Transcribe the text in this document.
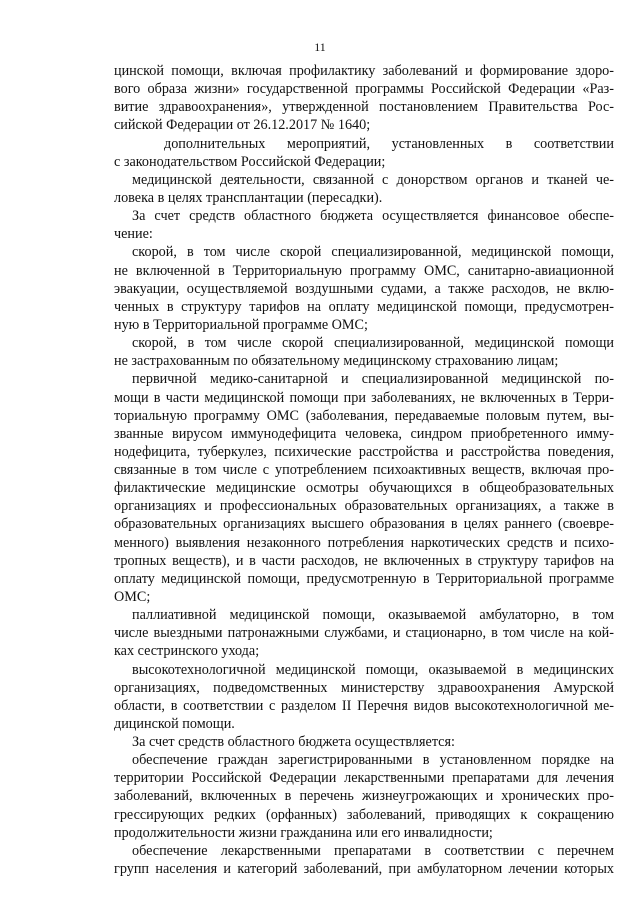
11
цинской помощи, включая профилактику заболеваний и формирование здоро-
вого образа жизни» государственной программы Российской Федерации «Раз-
витие здравоохранения», утвержденной постановлением Правительства Рос-
сийской Федерации от 26.12.2017 № 1640;
дополнительных мероприятий, установленных в соответствии
с законодательством Российской Федерации;
медицинской деятельности, связанной с донорством органов и тканей че-
ловека в целях трансплантации (пересадки).
За счет средств областного бюджета осуществляется финансовое обеспе-
чение:
скорой, в том числе скорой специализированной, медицинской помощи,
не включенной в Территориальную программу ОМС, санитарно-авиационной
эвакуации, осуществляемой воздушными судами, а также расходов, не вклю-
ченных в структуру тарифов на оплату медицинской помощи, предусмотрен-
ную в Территориальной программе ОМС;
скорой, в том числе скорой специализированной, медицинской помощи
не застрахованным по обязательному медицинскому страхованию лицам;
первичной медико-санитарной и специализированной медицинской по-
мощи в части медицинской помощи при заболеваниях, не включенных в Терри-
ториальную программу ОМС (заболевания, передаваемые половым путем, вы-
званные вирусом иммунодефицита человека, синдром приобретенного имму-
нодефицита, туберкулез, психические расстройства и расстройства поведения,
связанные в том числе с употреблением психоактивных веществ, включая про-
филактические медицинские осмотры обучающихся в общеобразовательных
организациях и профессиональных образовательных организациях, а также в
образовательных организациях высшего образования в целях раннего (своевре-
менного) выявления незаконного потребления наркотических средств и психо-
тропных веществ), и в части расходов, не включенных в структуру тарифов на
оплату медицинской помощи, предусмотренную в Территориальной программе
ОМС;
паллиативной медицинской помощи, оказываемой амбулаторно, в том
числе выездными патронажными службами, и стационарно, в том числе на кой-
ках сестринского ухода;
высокотехнологичной медицинской помощи, оказываемой в медицинских
организациях, подведомственных министерству здравоохранения Амурской
области, в соответствии с разделом II Перечня видов высокотехнологичной ме-
дицинской помощи.
За счет средств областного бюджета осуществляется:
обеспечение граждан зарегистрированными в установленном порядке на
территории Российской Федерации лекарственными препаратами для лечения
заболеваний, включенных в перечень жизнеугрожающих и хронических про-
грессирующих редких (орфанных) заболеваний, приводящих к сокращению
продолжительности жизни гражданина или его инвалидности;
обеспечение лекарственными препаратами в соответствии с перечнем
групп населения и категорий заболеваний, при амбулаторном лечении которых
